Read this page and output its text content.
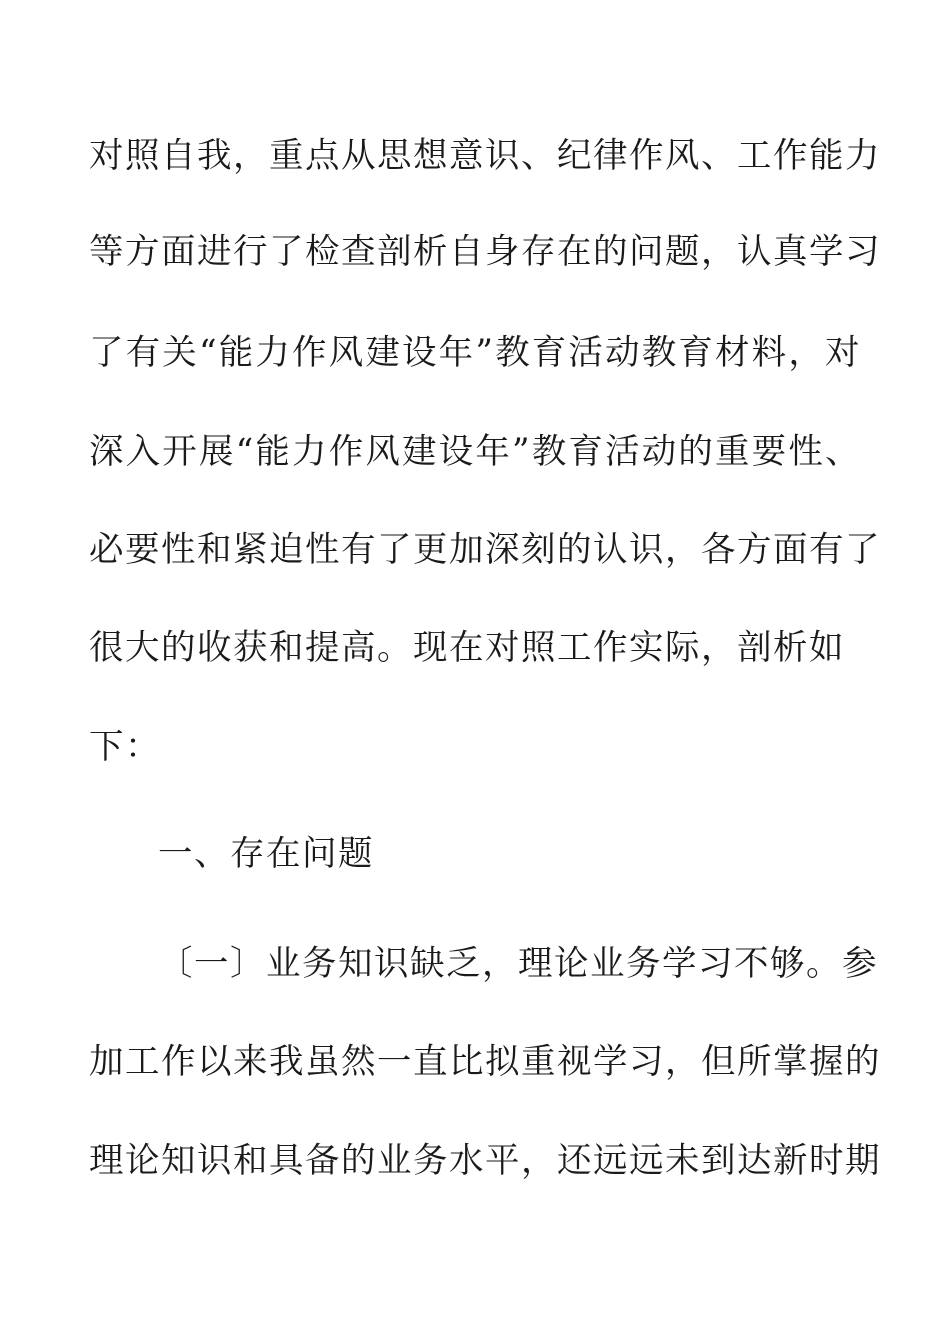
对照自我，重点从思想意识、纪律作风、工作能力
等方面进行了检查剖析自身存在的问题，认真学习
了有关“能力作风建设年”教育活动教育材料，对
深入开展“能力作风建设年”教育活动的重要性、
必要性和紧迫性有了更加深刻的认识，各方面有了
很大的收获和提高。现在对照工作实际，剖析如
下：
一、存在问题
〔一〕业务知识缺乏，理论业务学习不够。参
加工作以来我虽然一直比拟重视学习，但所掌握的
理论知识和具备的业务水平，还远远未到达新时期
